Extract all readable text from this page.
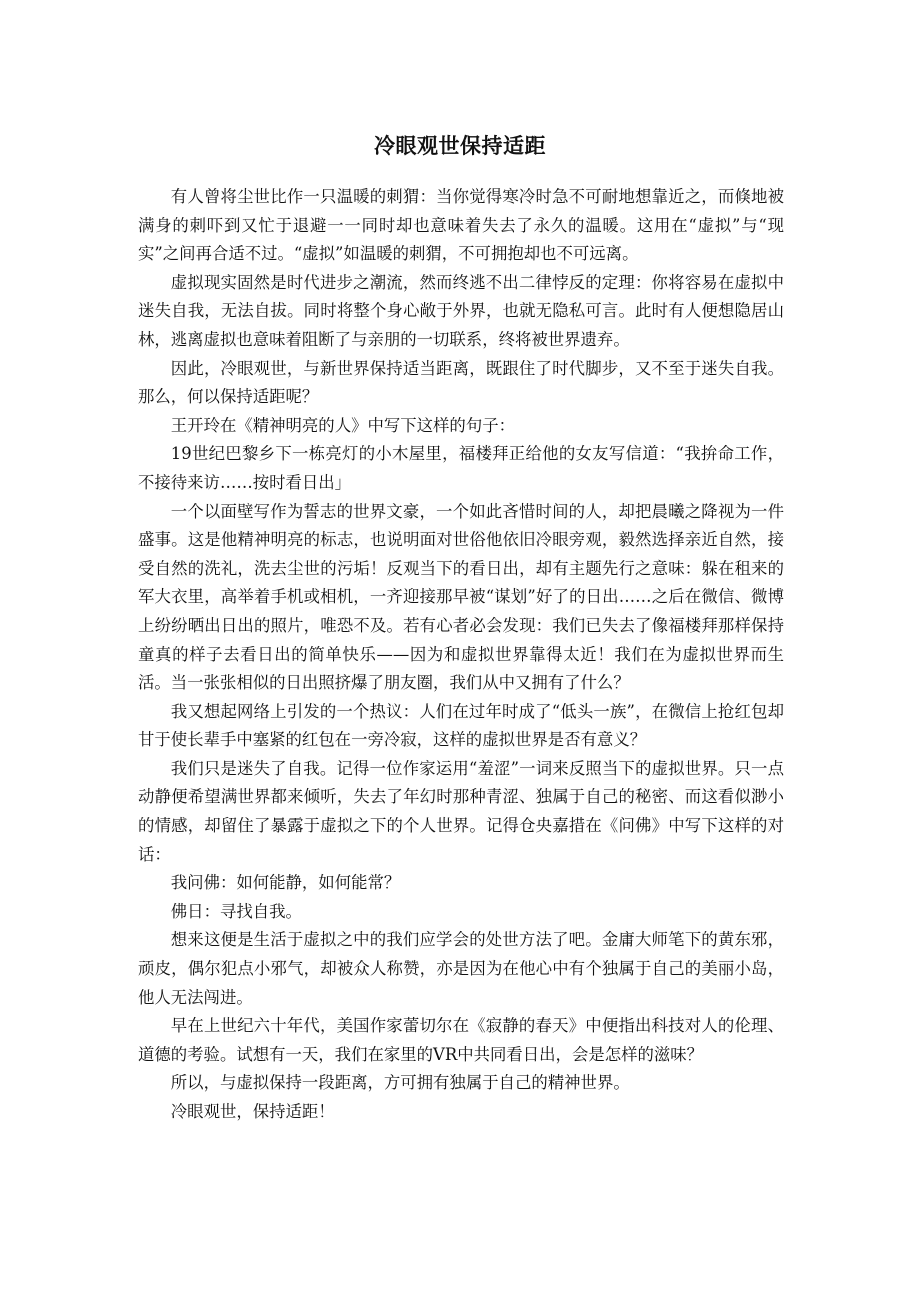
冷眼观世保持适距

有人曾将尘世比作一只温暖的刺猬：当你觉得寒冷时急不可耐地想靠近之，而倏地被满身的刺吓到又忙于退避一一同时却也意味着失去了永久的温暖。这用在“虚拟”与“现实”之间再合适不过。“虚拟”如温暖的刺猬，不可拥抱却也不可远离。

虚拟现实固然是时代进步之潮流，然而终逃不出二律悖反的定理：你将容易在虚拟中迷失自我，无法自拔。同时将整个身心敞于外界，也就无隐私可言。此时有人便想隐居山林，逃离虚拟也意味着阻断了与亲朋的一切联系，终将被世界遗弃。

因此，冷眼观世，与新世界保持适当距离，既跟住了时代脚步，又不至于迷失自我。那么，何以保持适距呢？

王开玲在《精神明亮的人》中写下这样的句子：

19世纪巴黎乡下一栋亮灯的小木屋里，福楼拜正给他的女友写信道：“我拚命工作，不接待来访……按时看日出」

一个以面壁写作为誓志的世界文豪，一个如此吝惜时间的人，却把晨曦之降视为一件盛事。这是他精神明亮的标志，也说明面对世俗他依旧冷眼旁观，毅然选择亲近自然，接受自然的洗礼，洗去尘世的污垢！反观当下的看日出，却有主题先行之意味：躲在租来的军大衣里，高举着手机或相机，一齐迎接那早被“谋划”好了的日出……之后在微信、微博上纷纷晒出日出的照片，唯恐不及。若有心者必会发现：我们已失去了像福楼拜那样保持童真的样子去看日出的简单快乐——因为和虚拟世界靠得太近！我们在为虚拟世界而生活。当一张张相似的日出照挤爆了朋友圈，我们从中又拥有了什么？

我又想起网络上引发的一个热议：人们在过年时成了“低头一族”，在微信上抢红包却甘于使长辈手中塞紧的红包在一旁冷寂，这样的虚拟世界是否有意义？

我们只是迷失了自我。记得一位作家运用“羞涩”一词来反照当下的虚拟世界。只一点动静便希望满世界都来倾听，失去了年幻时那种青涩、独属于自己的秘密、而这看似渺小的情感，却留住了暴露于虚拟之下的个人世界。记得仓央嘉措在《问佛》中写下这样的对话：

我问佛：如何能静，如何能常？

佛日：寻找自我。

想来这便是生活于虚拟之中的我们应学会的处世方法了吧。金庸大师笔下的黄东邪，顽皮，偶尔犯点小邪气，却被众人称赞，亦是因为在他心中有个独属于自己的美丽小岛，他人无法闯进。

早在上世纪六十年代，美国作家蕾切尔在《寂静的春天》中便指出科技对人的伦理、道德的考验。试想有一天，我们在家里的VR中共同看日出，会是怎样的滋味？

所以，与虚拟保持一段距离，方可拥有独属于自己的精神世界。

冷眼观世，保持适距！
